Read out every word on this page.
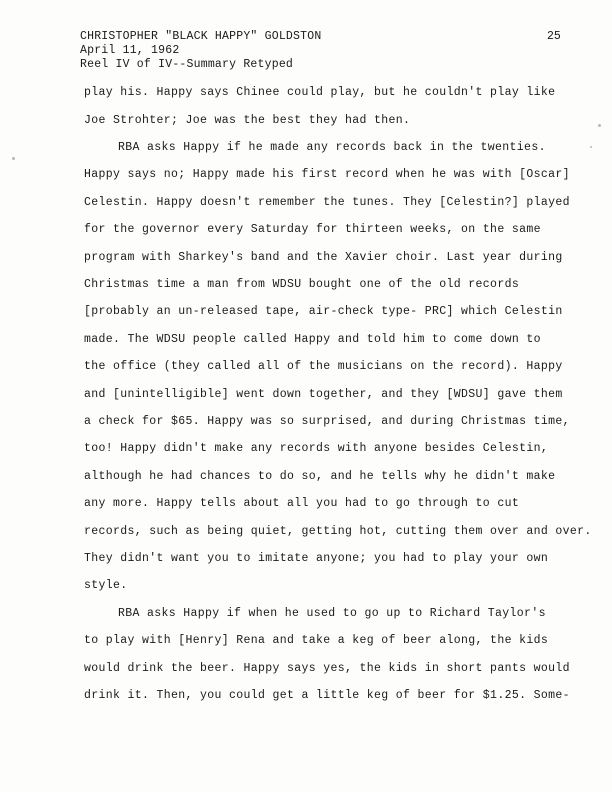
CHRISTOPHER "BLACK HAPPY" GOLDSTON
April 11, 1962
Reel IV of IV--Summary Retyped
25
play his. Happy says Chinee could play, but he couldn't play like
Joe Strohter; Joe was the best they had then.
RBA asks Happy if he made any records back in the twenties.
Happy says no; Happy made his first record when he was with [Oscar]
Celestin. Happy doesn't remember the tunes. They [Celestin?] played
for the governor every Saturday for thirteen weeks, on the same
program with Sharkey's band and the Xavier choir. Last year during
Christmas time a man from WDSU bought one of the old records
[probably an un-released tape, air-check type- PRC] which Celestin
made. The WDSU people called Happy and told him to come down to
the office (they called all of the musicians on the record). Happy
and [unintelligible] went down together, and they [WDSU] gave them
a check for $65. Happy was so surprised, and during Christmas time,
too! Happy didn't make any records with anyone besides Celestin,
although he had chances to do so, and he tells why he didn't make
any more. Happy tells about all you had to go through to cut
records, such as being quiet, getting hot, cutting them over and over.
They didn't want you to imitate anyone; you had to play your own
style.
RBA asks Happy if when he used to go up to Richard Taylor's
to play with [Henry] Rena and take a keg of beer along, the kids
would drink the beer. Happy says yes, the kids in short pants would
drink it. Then, you could get a little keg of beer for $1.25. Some-
